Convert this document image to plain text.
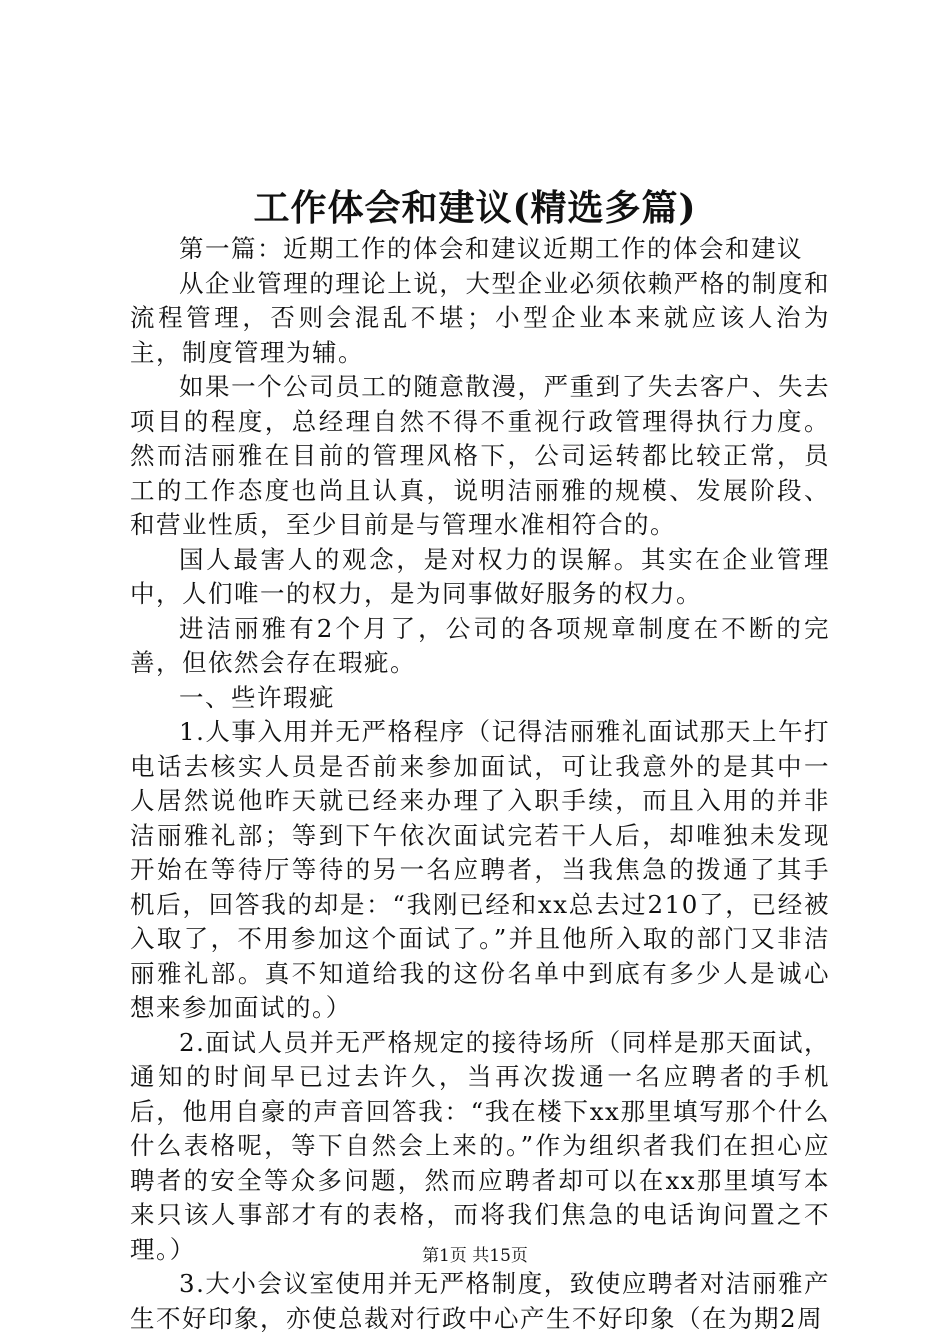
工作体会和建议(精选多篇)

第一篇：近期工作的体会和建议近期工作的体会和建议

从企业管理的理论上说，大型企业必须依赖严格的制度和流程管理，否则会混乱不堪；小型企业本来就应该人治为主，制度管理为辅。

如果一个公司员工的随意散漫，严重到了失去客户、失去项目的程度，总经理自然不得不重视行政管理得执行力度。然而洁丽雅在目前的管理风格下，公司运转都比较正常，员工的工作态度也尚且认真，说明洁丽雅的规模、发展阶段、和营业性质，至少目前是与管理水准相符合的。

国人最害人的观念，是对权力的误解。其实在企业管理中，人们唯一的权力，是为同事做好服务的权力。

进洁丽雅有2个月了，公司的各项规章制度在不断的完善，但依然会存在瑕疵。

一、些许瑕疵

1.人事入用并无严格程序（记得洁丽雅礼面试那天上午打电话去核实人员是否前来参加面试，可让我意外的是其中一人居然说他昨天就已经来办理了入职手续，而且入用的并非洁丽雅礼部；等到下午依次面试完若干人后，却唯独未发现开始在等待厅等待的另一名应聘者，当我焦急的拨通了其手机后，回答我的却是：“我刚已经和xx总去过210了，已经被入取了，不用参加这个面试了。”并且他所入取的部门又非洁丽雅礼部。真不知道给我的这份名单中到底有多少人是诚心想来参加面试的。）

2.面试人员并无严格规定的接待场所（同样是那天面试，通知的时间早已过去许久，当再次拨通一名应聘者的手机后，他用自豪的声音回答我：“我在楼下xx那里填写那个什么什么表格呢，等下自然会上来的。”作为组织者我们在担心应聘者的安全等众多问题，然而应聘者却可以在xx那里填写本来只该人事部才有的表格，而将我们焦急的电话询问置之不理。）

3.大小会议室使用并无严格制度，致使应聘者对洁丽雅产生不好印象，亦使总裁对行政中心产生不好印象（在为期2周

第1页 共15页
